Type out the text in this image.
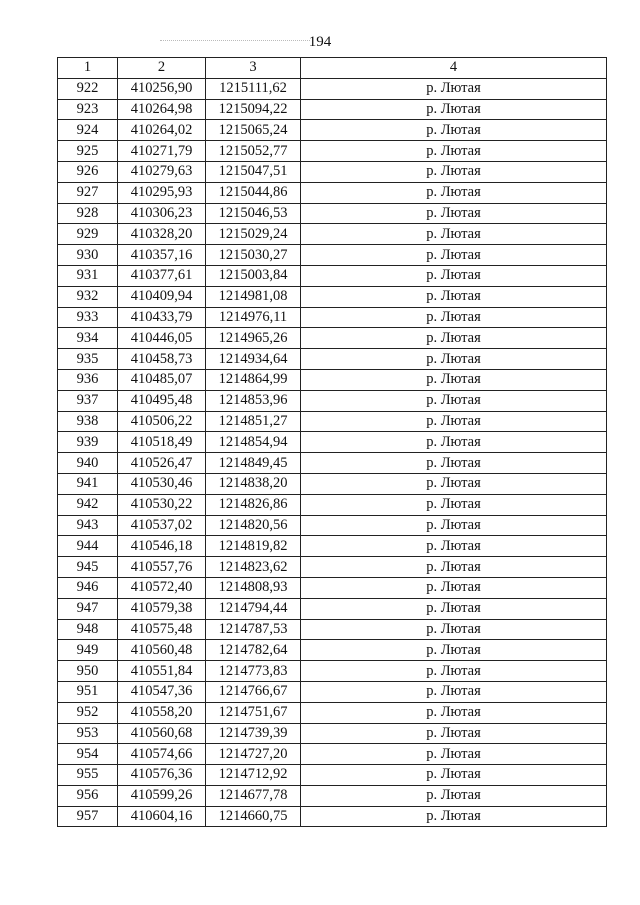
194
1	2	3	4
922	410256,90	1215111,62	р. Лютая
923	410264,98	1215094,22	р. Лютая
924	410264,02	1215065,24	р. Лютая
925	410271,79	1215052,77	р. Лютая
926	410279,63	1215047,51	р. Лютая
927	410295,93	1215044,86	р. Лютая
928	410306,23	1215046,53	р. Лютая
929	410328,20	1215029,24	р. Лютая
930	410357,16	1215030,27	р. Лютая
931	410377,61	1215003,84	р. Лютая
932	410409,94	1214981,08	р. Лютая
933	410433,79	1214976,11	р. Лютая
934	410446,05	1214965,26	р. Лютая
935	410458,73	1214934,64	р. Лютая
936	410485,07	1214864,99	р. Лютая
937	410495,48	1214853,96	р. Лютая
938	410506,22	1214851,27	р. Лютая
939	410518,49	1214854,94	р. Лютая
940	410526,47	1214849,45	р. Лютая
941	410530,46	1214838,20	р. Лютая
942	410530,22	1214826,86	р. Лютая
943	410537,02	1214820,56	р. Лютая
944	410546,18	1214819,82	р. Лютая
945	410557,76	1214823,62	р. Лютая
946	410572,40	1214808,93	р. Лютая
947	410579,38	1214794,44	р. Лютая
948	410575,48	1214787,53	р. Лютая
949	410560,48	1214782,64	р. Лютая
950	410551,84	1214773,83	р. Лютая
951	410547,36	1214766,67	р. Лютая
952	410558,20	1214751,67	р. Лютая
953	410560,68	1214739,39	р. Лютая
954	410574,66	1214727,20	р. Лютая
955	410576,36	1214712,92	р. Лютая
956	410599,26	1214677,78	р. Лютая
957	410604,16	1214660,75	р. Лютая
